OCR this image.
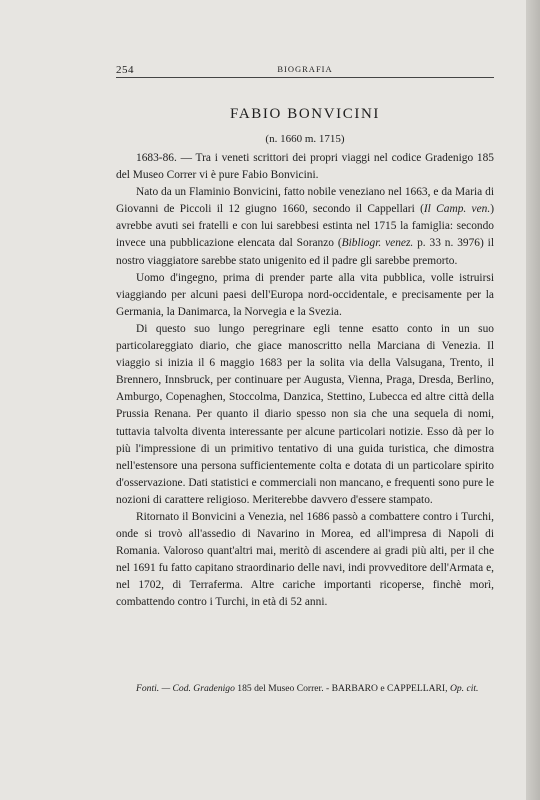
254	BIOGRAFIA
FABIO BONVICINI
(n. 1660 m. 1715)

1683-86. — Tra i veneti scrittori dei propri viaggi nel codice Gradenigo 185 del Museo Correr vi è pure Fabio Bonvicini.

Nato da un Flaminio Bonvicini, fatto nobile veneziano nel 1663, e da Maria di Giovanni de Piccoli il 12 giugno 1660, secondo il Cappellari (Il Camp. ven.) avrebbe avuti sei fratelli e con lui sarebbesi estinta nel 1715 la famiglia: secondo invece una pubblicazione elencata dal Soranzo (Bibliogr. venez. p. 33 n. 3976) il nostro viaggiatore sarebbe stato unigenito ed il padre gli sarebbe premorto.

Uomo d'ingegno, prima di prender parte alla vita pubblica, volle istruirsi viaggiando per alcuni paesi dell'Europa nord-occidentale, e precisamente per la Germania, la Danimarca, la Norvegia e la Svezia.

Di questo suo lungo peregrinare egli tenne esatto conto in un suo particolareggiato diario, che giace manoscritto nella Marciana di Venezia. Il viaggio si inizia il 6 maggio 1683 per la solita via della Valsugana, Trento, il Brennero, Innsbruck, per continuare per Augusta, Vienna, Praga, Dresda, Berlino, Amburgo, Copenaghen, Stoccolma, Danzica, Stettino, Lubecca ed altre città della Prussia Renana. Per quanto il diario spesso non sia che una sequela di nomi, tuttavia talvolta diventa interessante per alcune particolari notizie. Esso dà per lo più l'impressione di un primitivo tentativo di una guida turistica, che dimostra nell'estensore una persona sufficientemente colta e dotata di un particolare spirito d'osservazione. Dati statistici e commerciali non mancano, e frequenti sono pure le nozioni di carattere religioso. Meriterebbe davvero d'essere stampato.

Ritornato il Bonvicini a Venezia, nel 1686 passò a combattere contro i Turchi, onde si trovò all'assedio di Navarino in Morea, ed all'impresa di Napoli di Romania. Valoroso quant'altri mai, meritò di ascendere ai gradi più alti, per il che nel 1691 fu fatto capitano straordinario delle navi, indi provveditore dell'Armata e, nel 1702, di Terraferma. Altre cariche importanti ricoperse, finchè morì, combattendo contro i Turchi, in età di 52 anni.

Fonti. — Cod. Gradenigo 185 del Museo Correr. - BARBARO e CAPPELLARI, Op. cit.
